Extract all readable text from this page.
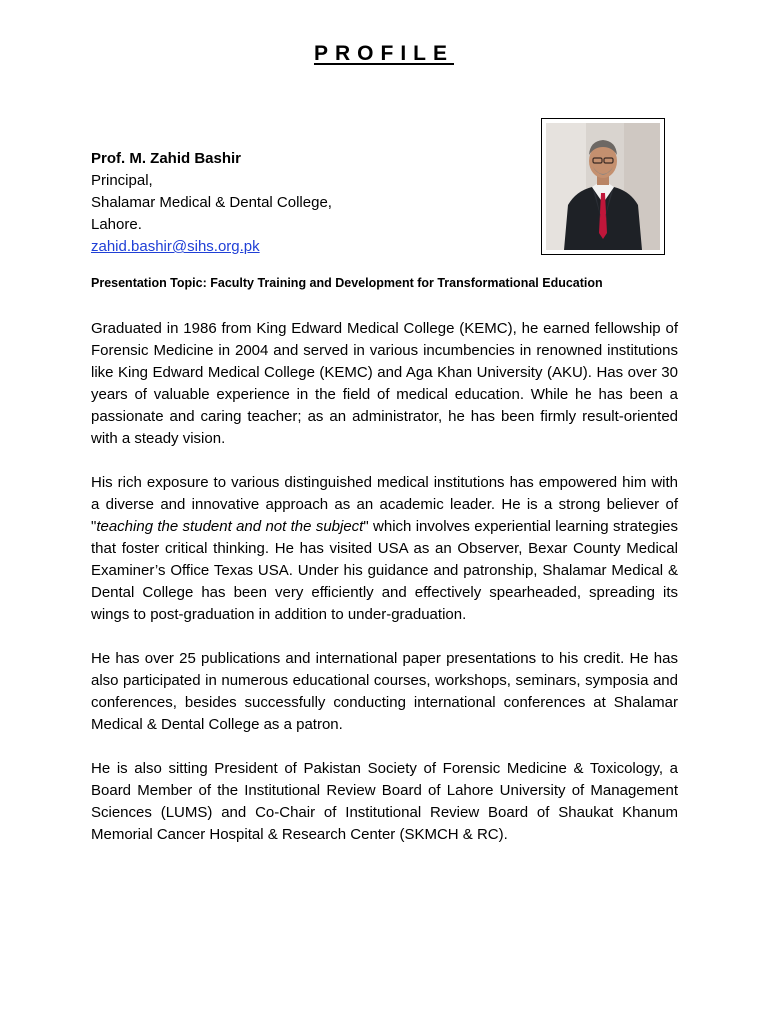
PROFILE
Prof. M. Zahid Bashir
Principal,
Shalamar Medical & Dental College,
Lahore.
zahid.bashir@sihs.org.pk
Presentation Topic: Faculty Training and Development for Transformational Education

Graduated in 1986 from King Edward Medical College (KEMC), he earned fellowship of Forensic Medicine in 2004 and served in various incumbencies in renowned institutions like King Edward Medical College (KEMC) and Aga Khan University (AKU). Has over 30 years of valuable experience in the field of medical education. While he has been a passionate and caring teacher; as an administrator, he has been firmly result-oriented with a steady vision.

His rich exposure to various distinguished medical institutions has empowered him with a diverse and innovative approach as an academic leader. He is a strong believer of "teaching the student and not the subject" which involves experiential learning strategies that foster critical thinking. He has visited USA as an Observer, Bexar County Medical Examiner’s Office Texas USA. Under his guidance and patronship, Shalamar Medical & Dental College has been very efficiently and effectively spearheaded, spreading its wings to post-graduation in addition to under-graduation.

He has over 25 publications and international paper presentations to his credit. He has also participated in numerous educational courses, workshops, seminars, symposia and conferences, besides successfully conducting international conferences at Shalamar Medical & Dental College as a patron.

He is also sitting President of Pakistan Society of Forensic Medicine & Toxicology, a Board Member of the Institutional Review Board of Lahore University of Management Sciences (LUMS) and Co-Chair of Institutional Review Board of Shaukat Khanum Memorial Cancer Hospital & Research Center (SKMCH & RC).
